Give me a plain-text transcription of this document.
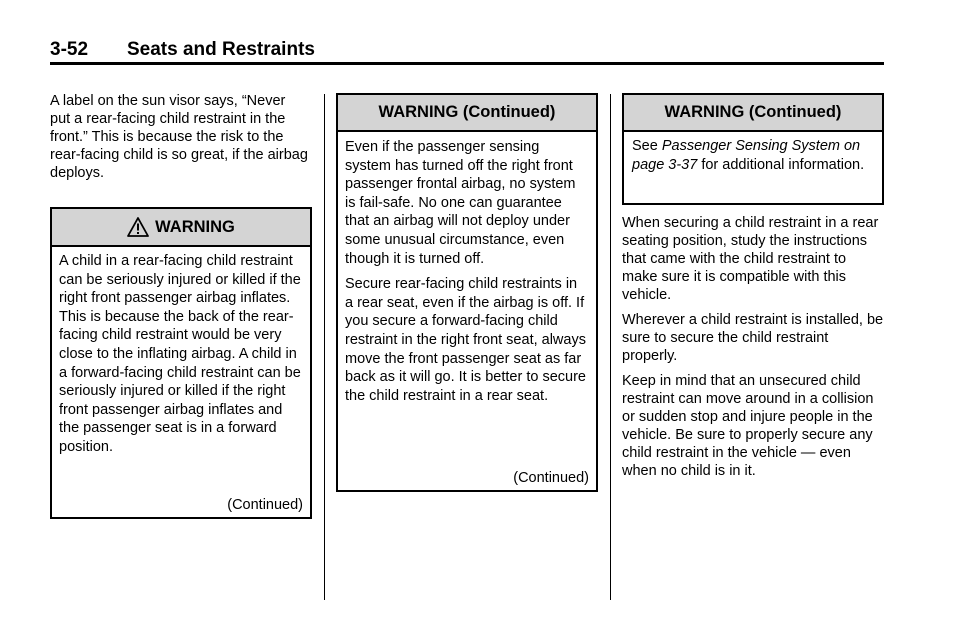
3-52 Seats and Restraints

A label on the sun visor says, “Never put a rear-facing child restraint in the front.” This is because the risk to the rear-facing child is so great, if the airbag deploys.

WARNING

A child in a rear-facing child restraint can be seriously injured or killed if the right front passenger airbag inflates. This is because the back of the rear-facing child restraint would be very close to the inflating airbag. A child in a forward-facing child restraint can be seriously injured or killed if the right front passenger airbag inflates and the passenger seat is in a forward position.

(Continued)
WARNING (Continued)

Even if the passenger sensing system has turned off the right front passenger frontal airbag, no system is fail-safe. No one can guarantee that an airbag will not deploy under some unusual circumstance, even though it is turned off.

Secure rear-facing child restraints in a rear seat, even if the airbag is off. If you secure a forward-facing child restraint in the right front seat, always move the front passenger seat as far back as it will go. It is better to secure the child restraint in a rear seat.

(Continued)
WARNING (Continued)

See Passenger Sensing System on page 3-37 for additional information.

When securing a child restraint in a rear seating position, study the instructions that came with the child restraint to make sure it is compatible with this vehicle.

Wherever a child restraint is installed, be sure to secure the child restraint properly.

Keep in mind that an unsecured child restraint can move around in a collision or sudden stop and injure people in the vehicle. Be sure to properly secure any child restraint in the vehicle — even when no child is in it.
